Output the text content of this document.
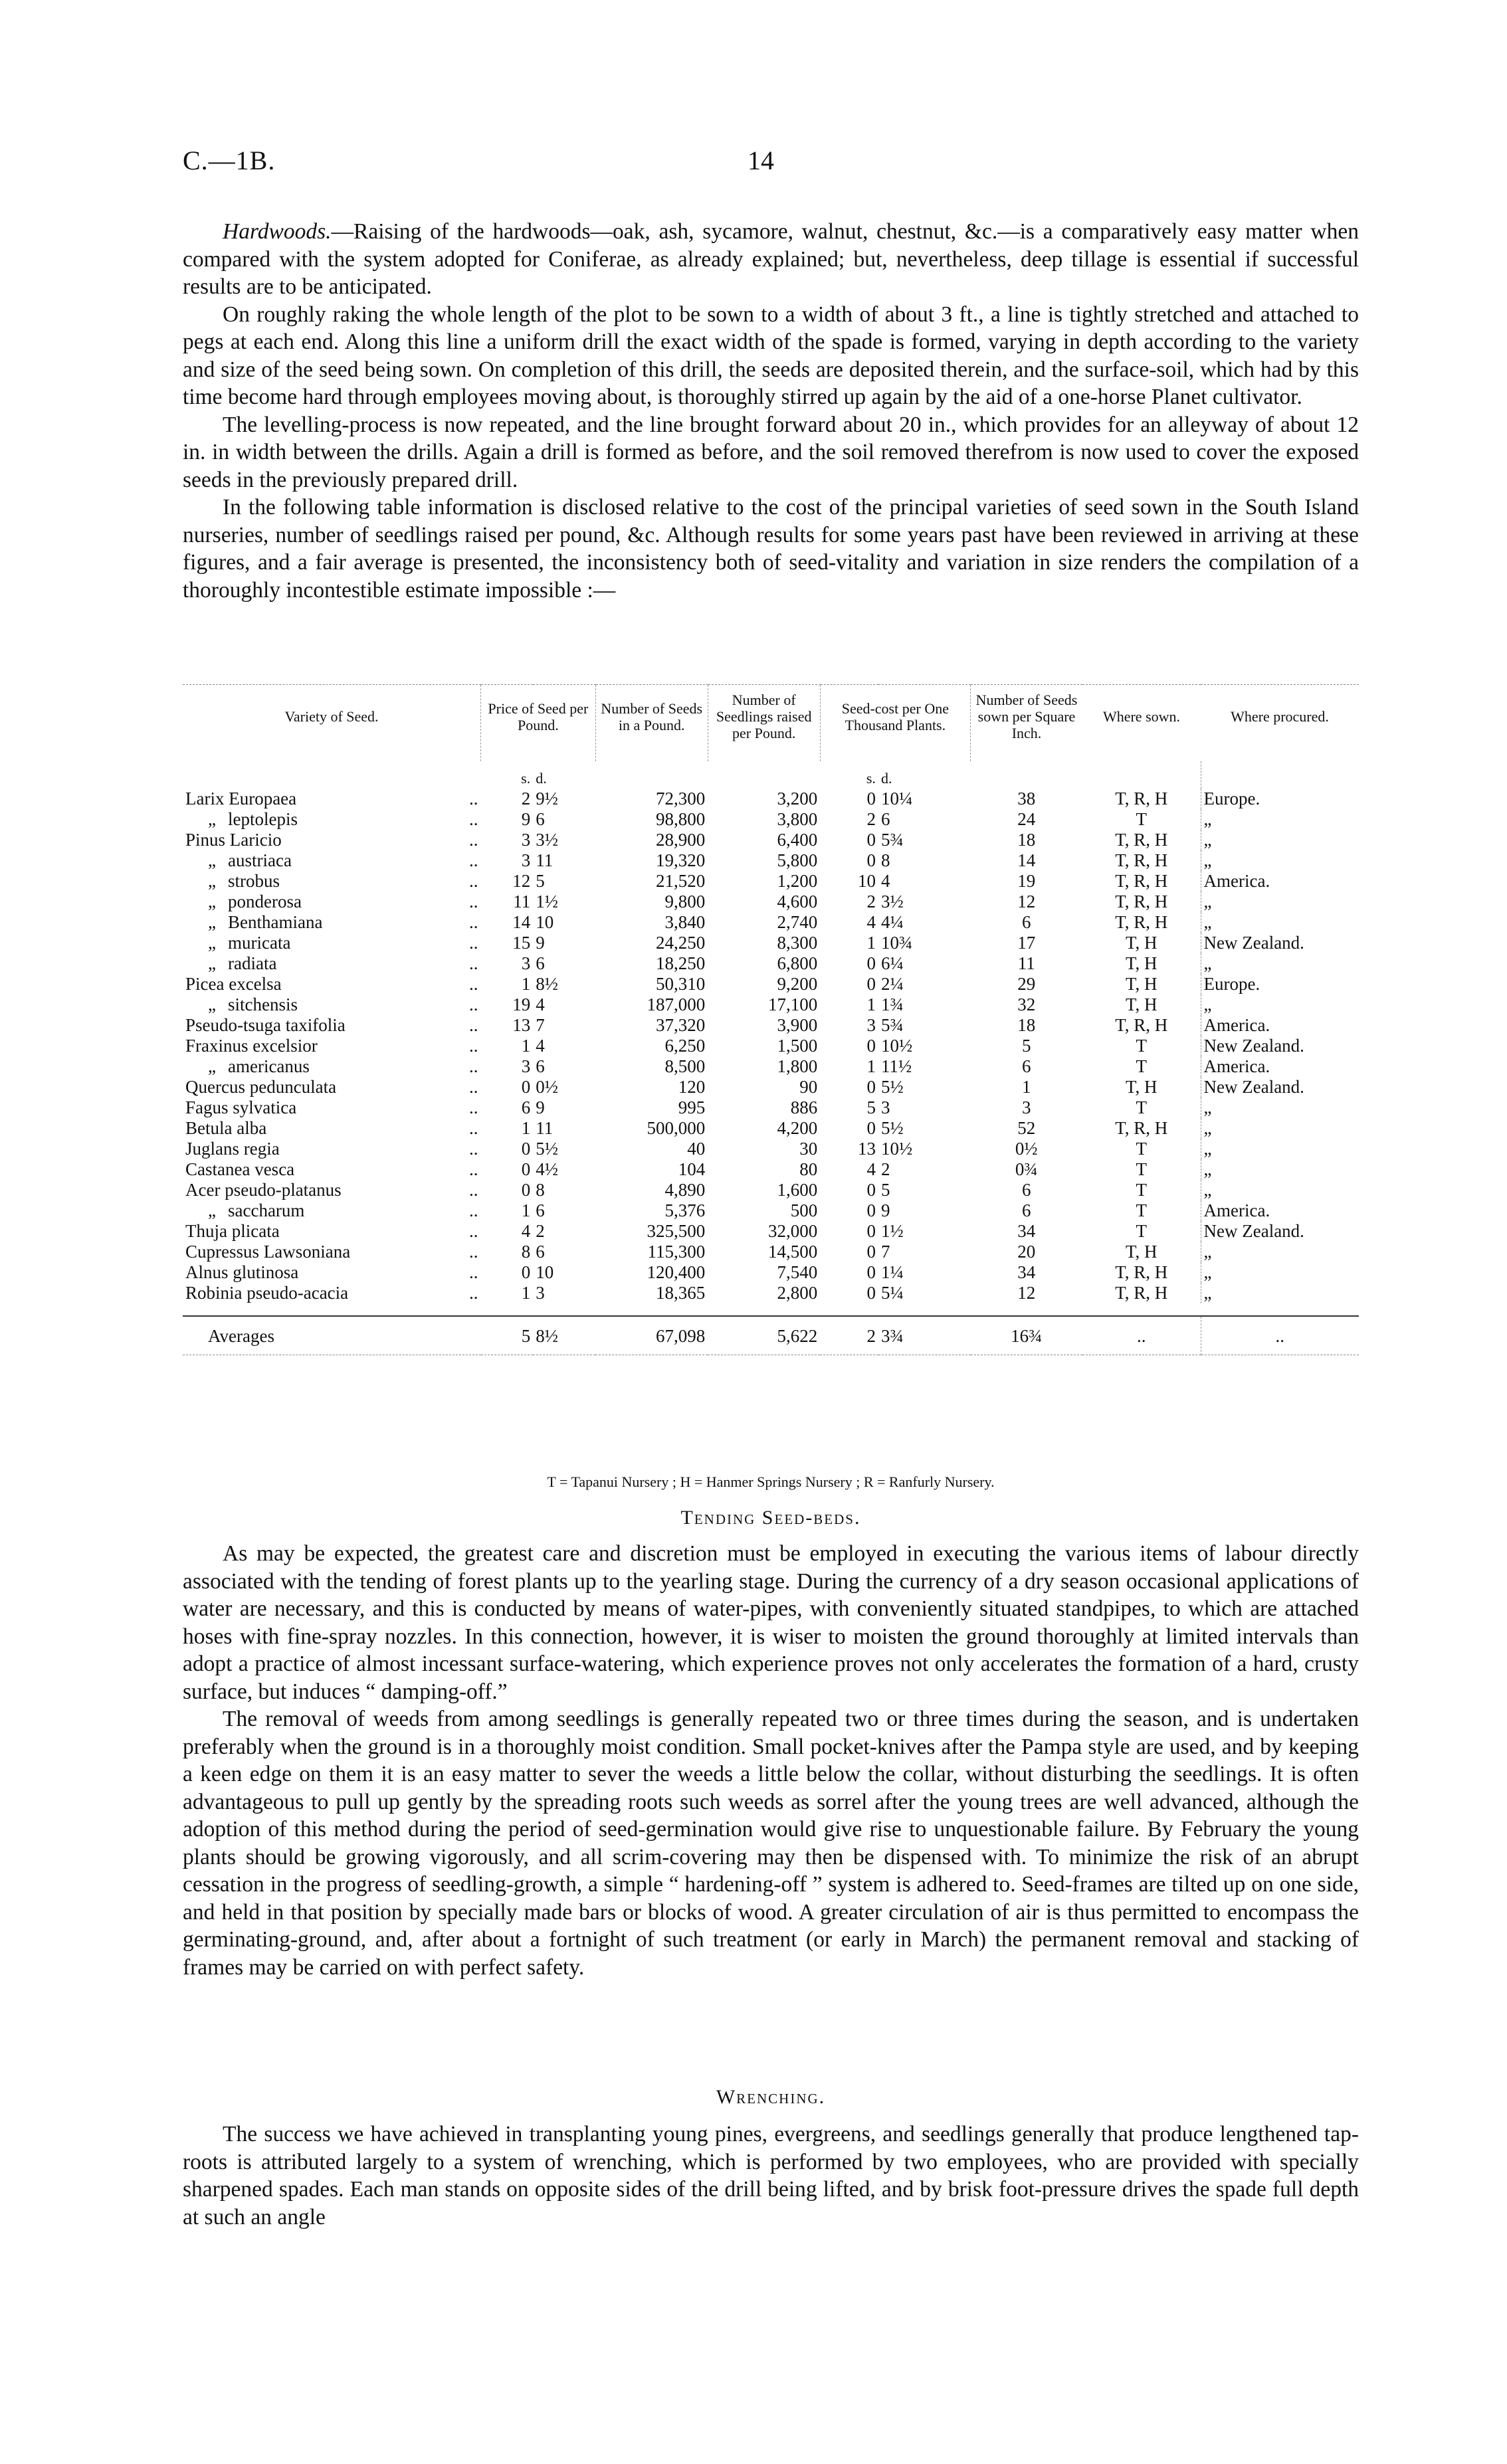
C.—1B.	14

Hardwoods.—Raising of the hardwoods—oak, ash, sycamore, walnut, chestnut, &c.—is a comparatively easy matter when compared with the system adopted for Coniferae, as already explained; but, nevertheless, deep tillage is essential if successful results are to be anticipated.

On roughly raking the whole length of the plot to be sown to a width of about 3 ft., a line is tightly stretched and attached to pegs at each end. Along this line a uniform drill the exact width of the spade is formed, varying in depth according to the variety and size of the seed being sown. On completion of this drill, the seeds are deposited therein, and the surface-soil, which had by this time become hard through employees moving about, is thoroughly stirred up again by the aid of a one-horse Planet cultivator.

The levelling-process is now repeated, and the line brought forward about 20 in., which provides for an alleyway of about 12 in. in width between the drills. Again a drill is formed as before, and the soil removed therefrom is now used to cover the exposed seeds in the previously prepared drill.

In the following table information is disclosed relative to the cost of the principal varieties of seed sown in the South Island nurseries, number of seedlings raised per pound, &c. Although results for some years past have been reviewed in arriving at these figures, and a fair average is presented, the inconsistency both of seed-vitality and variation in size renders the compilation of a thoroughly incontestible estimate impossible :—

Variety of Seed.	Price of Seed per Pound.		Number of Seeds in a Pound.	Number of Seedlings raised per Pound.	Seed-cost per One Thousand Plants.		Number of Seeds sown per Square Inch.	Where sown.	Where procured.
	s.	d.			s.	d.			
Larix Europaea ..	2	9½	72,300	3,200	0	10¼	38	T, R, H	Europe.
„ leptolepis ..	9	6	98,800	3,800	2	6	24	T	„
Pinus Laricio ..	3	3½	28,900	6,400	0	5¾	18	T, R, H	„
„ austriaca ..	3	11	19,320	5,800	0	8	14	T, R, H	„
„ strobus ..	12	5	21,520	1,200	10	4	19	T, R, H	America.
„ ponderosa ..	11	1½	9,800	4,600	2	3½	12	T, R, H	„
„ Benthamiana ..	14	10	3,840	2,740	4	4¼	6	T, R, H	„
„ muricata ..	15	9	24,250	8,300	1	10¾	17	T, H	New Zealand.
„ radiata ..	3	6	18,250	6,800	0	6¼	11	T, H	„
Picea excelsa ..	1	8½	50,310	9,200	0	2¼	29	T, H	Europe.
„ sitchensis ..	19	4	187,000	17,100	1	1¾	32	T, H	„
Pseudo-tsuga taxifolia ..	13	7	37,320	3,900	3	5¾	18	T, R, H	America.
Fraxinus excelsior ..	1	4	6,250	1,500	0	10½	5	T	New Zealand.
„ americanus ..	3	6	8,500	1,800	1	11½	6	T	America.
Quercus pedunculata ..	0	0½	120	90	0	5½	1	T, H	New Zealand.
Fagus sylvatica ..	6	9	995	886	5	3	3	T	„
Betula alba ..	1	11	500,000	4,200	0	5½	52	T, R, H	„
Juglans regia ..	0	5½	40	30	13	10½	0½	T	„
Castanea vesca ..	0	4½	104	80	4	2	0¾	T	„
Acer pseudo-platanus ..	0	8	4,890	1,600	0	5	6	T	„
„ saccharum ..	1	6	5,376	500	0	9	6	T	America.
Thuja plicata ..	4	2	325,500	32,000	0	1½	34	T	New Zealand.
Cupressus Lawsoniana ..	8	6	115,300	14,500	0	7	20	T, H	„
Alnus glutinosa ..	0	10	120,400	7,540	0	1¼	34	T, R, H	„
Robinia pseudo-acacia ..	1	3	18,365	2,800	0	5¼	12	T, R, H	„

Averages	5	8½	67,098	5,622	2	3¾	16¾	..	..
T = Tapanui Nursery ; H = Hanmer Springs Nursery ; R = Ranfurly Nursery.
Tending Seed-beds.

As may be expected, the greatest care and discretion must be employed in executing the various items of labour directly associated with the tending of forest plants up to the yearling stage. During the currency of a dry season occasional applications of water are necessary, and this is conducted by means of water-pipes, with conveniently situated standpipes, to which are attached hoses with fine-spray nozzles. In this connection, however, it is wiser to moisten the ground thoroughly at limited intervals than adopt a practice of almost incessant surface-watering, which experience proves not only accelerates the formation of a hard, crusty surface, but induces “ damping-off.”

The removal of weeds from among seedlings is generally repeated two or three times during the season, and is undertaken preferably when the ground is in a thoroughly moist condition. Small pocket-knives after the Pampa style are used, and by keeping a keen edge on them it is an easy matter to sever the weeds a little below the collar, without disturbing the seedlings. It is often advantageous to pull up gently by the spreading roots such weeds as sorrel after the young trees are well advanced, although the adoption of this method during the period of seed-germination would give rise to unquestionable failure. By February the young plants should be growing vigorously, and all scrim-covering may then be dispensed with. To minimize the risk of an abrupt cessation in the progress of seedling-growth, a simple “ hardening-off ” system is adhered to. Seed-frames are tilted up on one side, and held in that position by specially made bars or blocks of wood. A greater circulation of air is thus permitted to encompass the germinating-ground, and, after about a fortnight of such treatment (or early in March) the permanent removal and stacking of frames may be carried on with perfect safety.

Wrenching.

The success we have achieved in transplanting young pines, evergreens, and seedlings generally that produce lengthened tap-roots is attributed largely to a system of wrenching, which is performed by two employees, who are provided with specially sharpened spades. Each man stands on opposite sides of the drill being lifted, and by brisk foot-pressure drives the spade full depth at such an angle
